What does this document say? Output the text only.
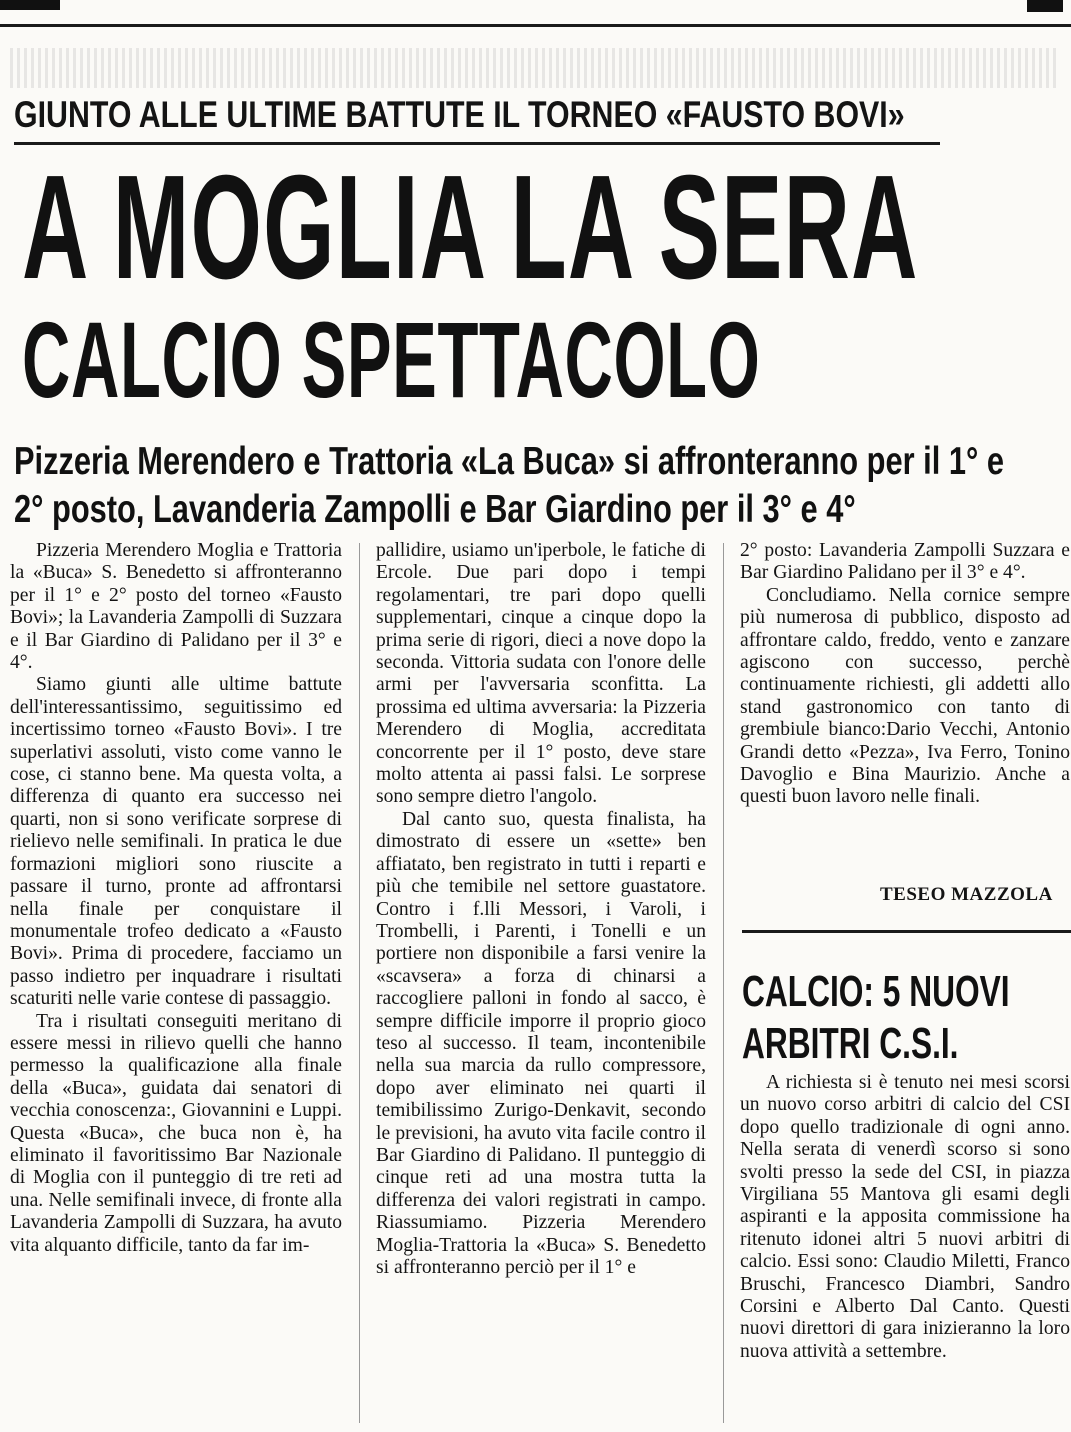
GIUNTO ALLE ULTIME BATTUTE IL TORNEO «FAUSTO BOVI»
A MOGLIA LA SERA
CALCIO SPETTACOLO
Pizzeria Merendero e Trattoria «La Buca» si affronteranno per il 1° e
2° posto, Lavanderia Zampolli e Bar Giardino per il 3° e 4°

Pizzeria Merendero Moglia e Trattoria la «Buca» S. Benedetto si affronteranno per il 1° e 2° posto del torneo «Fausto Bovi»; la Lavanderia Zampolli di Suzzara e il Bar Giardino di Palidano per il 3° e 4°.

Siamo giunti alle ultime battute dell'interessantissimo, seguitissimo ed incertissimo torneo «Fausto Bovi». I tre superlativi assoluti, visto come vanno le cose, ci stanno bene. Ma questa volta, a differenza di quanto era successo nei quarti, non si sono verificate sorprese di rielievo nelle semifinali. In pratica le due formazioni migliori sono riuscite a passare il turno, pronte ad affrontarsi nella finale per conquistare il monumentale trofeo dedicato a «Fausto Bovi». Prima di procedere, facciamo un passo indietro per inquadrare i risultati scaturiti nelle varie contese di passaggio.

Tra i risultati conseguiti meritano di essere messi in rilievo quelli che hanno permesso la qualificazione alla finale della «Buca», guidata dai senatori di vecchia conoscenza:, Giovannini e Luppi. Questa «Buca», che buca non è, ha eliminato il favoritissimo Bar Nazionale di Moglia con il punteggio di tre reti ad una. Nelle semifinali invece, di fronte alla Lavanderia Zampolli di Suzzara, ha avuto vita alquanto difficile, tanto da far im-

pallidire, usiamo un'iperbole, le fatiche di Ercole. Due pari dopo i tempi regolamentari, tre pari dopo quelli supplementari, cinque a cinque dopo la prima serie di rigori, dieci a nove dopo la seconda. Vittoria sudata con l'onore delle armi per l'avversaria sconfitta. La prossima ed ultima avversaria: la Pizzeria Merendero di Moglia, accreditata concorrente per il 1° posto, deve stare molto attenta ai passi falsi. Le sorprese sono sempre dietro l'angolo.

Dal canto suo, questa finalista, ha dimostrato di essere un «sette» ben affiatato, ben registrato in tutti i reparti e più che temibile nel settore guastatore. Contro i f.lli Messori, i Varoli, i Trombelli, i Parenti, i Tonelli e un portiere non disponibile a farsi venire la «scavsera» a forza di chinarsi a raccogliere palloni in fondo al sacco, è sempre difficile imporre il proprio gioco teso al successo. Il team, incontenibile nella sua marcia da rullo compressore, dopo aver eliminato nei quarti il temibilissimo Zurigo-Denkavit, secondo le previsioni, ha avuto vita facile contro il Bar Giardino di Palidano. Il punteggio di cinque reti ad una mostra tutta la differenza dei valori registrati in campo. Riassumiamo. Pizzeria Merendero Moglia-Trattoria la «Buca» S. Benedetto si affronteranno perciò per il 1° e

2° posto: Lavanderia Zampolli Suzzara e Bar Giardino Palidano per il 3° e 4°.

Concludiamo. Nella cornice sempre più numerosa di pubblico, disposto ad affrontare caldo, freddo, vento e zanzare agiscono con successo, perchè continuamente richiesti, gli addetti allo stand gastronomico con tanto di grembiule bianco:Dario Vecchi, Antonio Grandi detto «Pezza», Iva Ferro, Tonino Davoglio e Bina Maurizio. Anche a questi buon lavoro nelle finali.

TESEO MAZZOLA
CALCIO: 5 NUOVI
ARBITRI C.S.I.

A richiesta si è tenuto nei mesi scorsi un nuovo corso arbitri di calcio del CSI dopo quello tradizionale di ogni anno. Nella serata di venerdì scorso si sono svolti presso la sede del CSI, in piazza Virgiliana 55 Mantova gli esami degli aspiranti e la apposita commissione ha ritenuto idonei altri 5 nuovi arbitri di calcio. Essi sono: Claudio Miletti, Franco Bruschi, Francesco Diambri, Sandro Corsini e Alberto Dal Canto. Questi nuovi direttori di gara inizieranno la loro nuova attività a settembre.
